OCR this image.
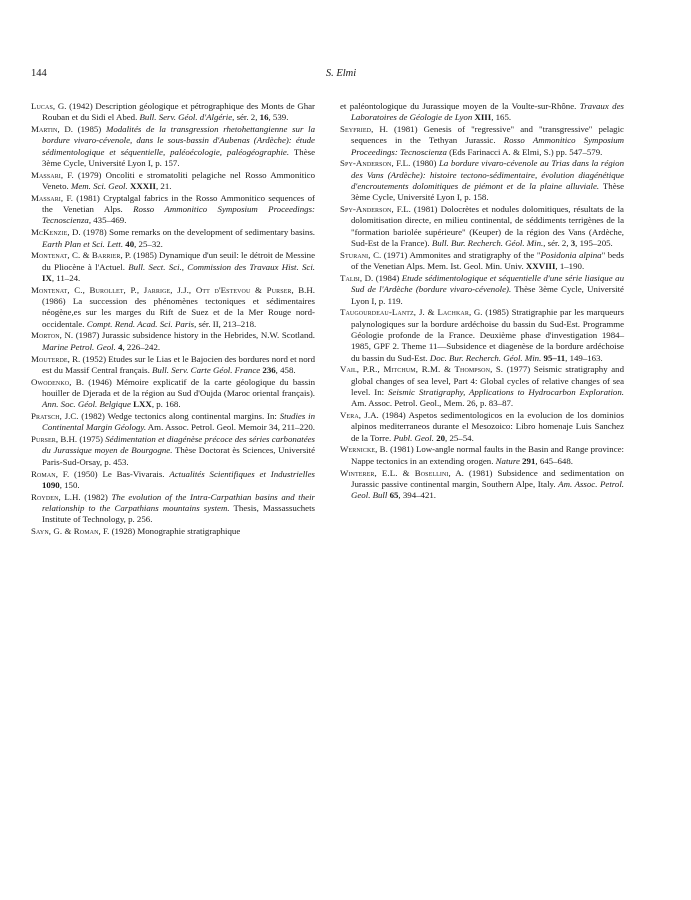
144	S. Elmi

Lucas, G. (1942) Description géologique et pétrographique des Monts de Ghar Rouban et du Sidi el Abed. Bull. Serv. Géol. d'Algérie, sér. 2, 16, 539.

Martin, D. (1985) Modalités de la transgression rhetohettangienne sur la bordure vivaro-cévenole, dans le sous-bassin d'Aubenas (Ardèche): étude sédimentologique et séquentielle, paléoécologie, paléogéographie. Thèse 3ème Cycle, Université Lyon I, p. 157.

Massari, F. (1979) Oncoliti e stromatoliti pelagiche nel Rosso Ammonitico Veneto. Mem. Sci. Geol. XXXII, 21.

Massari, F. (1981) Cryptalgal fabrics in the Rosso Ammonitico sequences of the Venetian Alps. Rosso Ammonitico Symposium Proceedings: Tecnoscienza, 435–469.

McKenzie, D. (1978) Some remarks on the development of sedimentary basins. Earth Plan et Sci. Lett. 40, 25–32.

Montenat, C. & Barrier, P. (1985) Dynamique d'un seuil: le détroit de Messine du Pliocène à l'Actuel. Bull. Sect. Sci., Commission des Travaux Hist. Sci. IX, 11–24.

Montenat, C., Burollet, P., Jarrige, J.J., Ott d'Estevou & Purser, B.H. (1986) La succession des phénomènes tectoniques et sédimentaires néogène,es sur les marges du Rift de Suez et de la Mer Rouge nord-occidentale. Compt. Rend. Acad. Sci. Paris, sér. II, 213–218.

Morton, N. (1987) Jurassic subsidence history in the Hebrides, N.W. Scotland. Marine Petrol. Geol. 4, 226–242.

Mouterde, R. (1952) Etudes sur le Lias et le Bajocien des bordures nord et nord est du Massif Central français. Bull. Serv. Carte Géol. France 236, 458.

Owodenko, B. (1946) Mémoire explicatif de la carte géologique du bassin houiller de Djerada et de la région au Sud d'Oujda (Maroc oriental français). Ann. Soc. Géol. Belgique LXX, p. 168.

Pratsch, J.C. (1982) Wedge tectonics along continental margins. In: Studies in Continental Margin Géology. Am. Assoc. Petrol. Geol. Memoir 34, 211–220.

Purser, B.H. (1975) Sédimentation et diagénèse précoce des séries carbonatées du Jurassique moyen de Bourgogne. Thèse Doctorat ès Sciences, Université Paris-Sud-Orsay, p. 453.

Roman, F. (1950) Le Bas-Vivarais. Actualités Scientifiques et Industrielles 1090, 150.

Royden, L.H. (1982) The evolution of the Intra-Carpathian basins and their relationship to the Carpathians mountains system. Thesis, Massassuchets Institute of Technology, p. 256.

Sayn, G. & Roman, F. (1928) Monographie stratigraphique

et paléontologique du Jurassique moyen de la Voulte-sur-Rhône. Travaux des Laboratoires de Géologie de Lyon XIII, 165.

Seyfried, H. (1981) Genesis of "regressive" and "transgressive" pelagic sequences in the Tethyan Jurassic. Rosso Ammonitico Symposium Proceedings: Tecnoscienza (Eds Farinacci A. & Elmi, S.) pp. 547–579.

Spy-Anderson, F.L. (1980) La bordure vivaro-cévenole au Trias dans la région des Vans (Ardèche): histoire tectono-sédimentaire, évolution diagénétique d'encroutements dolomitiques de piémont et de la plaine alluviale. Thèse 3ème Cycle, Université Lyon I, p. 158.

Spy-Anderson, F.L. (1981) Dolocrètes et nodules dolomitiques, résultats de la dolomitisation directe, en milieu continental, de séddiments terrigènes de la "formation bariolée supérieure" (Keuper) de la région des Vans (Ardèche, Sud-Est de la France). Bull. Bur. Recherch. Géol. Min., sér. 2, 3, 195–205.

Sturani, C. (1971) Ammonites and stratigraphy of the "Posidonia alpina" beds of the Venetian Alps. Mem. Ist. Geol. Min. Univ. XXVIII, 1–190.

Talbi, D. (1984) Etude sédimentologique et séquentielle d'une série liasique au Sud de l'Ardèche (bordure vivaro-cévenole). Thèse 3ème Cycle, Université Lyon I, p. 119.

Taugourdeau-Lantz, J. & Lachkar, G. (1985) Stratigraphie par les marqueurs palynologiques sur la bordure ardéchoise du bassin du Sud-Est. Programme Géologie profonde de la France. Deuxième phase d'investigation 1984–1985, GPF 2. Theme 11—Subsidence et diagenèse de la bordure ardéchoise du bassin du Sud-Est. Doc. Bur. Recherch. Géol. Min. 95–11, 149–163.

Vail, P.R., Mitchum, R.M. & Thompson, S. (1977) Seismic stratigraphy and global changes of sea level, Part 4: Global cycles of relative changes of sea level. In: Seismic Stratigraphy, Applications to Hydrocarbon Exploration. Am. Assoc. Petrol. Geol., Mem. 26, p. 83–87.

Vera, J.A. (1984) Aspetos sedimentologicos en la evolucion de los dominios alpinos mediterraneos durante el Mesozoico: Libro homenaje Luis Sanchez de la Torre. Publ. Geol. 20, 25–54.

Wernicke, B. (1981) Low-angle normal faults in the Basin and Range province: Nappe tectonics in an extending orogen. Nature 291, 645–648.

Winterer, E.L. & Bosellini, A. (1981) Subsidence and sedimentation on Jurassic passive continental margin, Southern Alpe, Italy. Am. Assoc. Petrol. Geol. Bull 65, 394–421.
